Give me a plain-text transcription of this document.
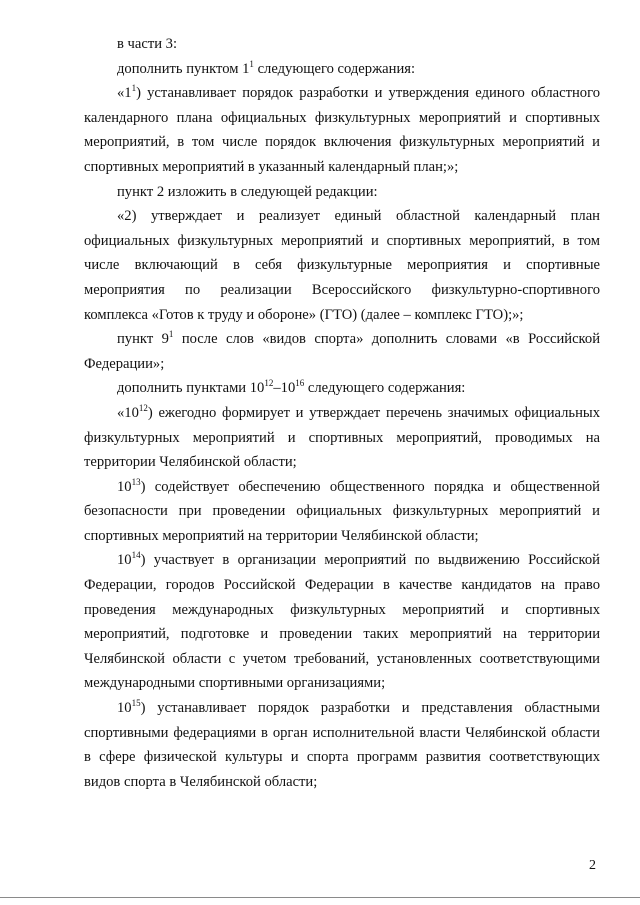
в части 3:

дополнить пунктом $1^1$ следующего содержания:

«$1^1$) устанавливает порядок разработки и утверждения единого областного календарного плана официальных физкультурных мероприятий и спортивных мероприятий, в том числе порядок включения физкультурных мероприятий и спортивных мероприятий в указанный календарный план;»;

пункт 2 изложить в следующей редакции:

«2) утверждает и реализует единый областной календарный план официальных физкультурных мероприятий и спортивных мероприятий, в том числе включающий в себя физкультурные мероприятия и спортивные мероприятия по реализации Всероссийского физкультурно-спортивного комплекса «Готов к труду и обороне» (ГТО) (далее – комплекс ГТО);»;

пункт $9^1$ после слов «видов спорта» дополнить словами «в Российской Федерации»;

дополнить пунктами $10^{12}-10^{16}$ следующего содержания:

«$10^{12}$) ежегодно формирует и утверждает перечень значимых официальных физкультурных мероприятий и спортивных мероприятий, проводимых на территории Челябинской области;

$10^{13}$) содействует обеспечению общественного порядка и общественной безопасности при проведении официальных физкультурных мероприятий и спортивных мероприятий на территории Челябинской области;

$10^{14}$) участвует в организации мероприятий по выдвижению Российской Федерации, городов Российской Федерации в качестве кандидатов на право проведения международных физкультурных мероприятий и спортивных мероприятий, подготовке и проведении таких мероприятий на территории Челябинской области с учетом требований, установленных соответствующими международными спортивными организациями;

$10^{15}$) устанавливает порядок разработки и представления областными спортивными федерациями в орган исполнительной власти Челябинской области в сфере физической культуры и спорта программ развития соответствующих видов спорта в Челябинской области;

2
